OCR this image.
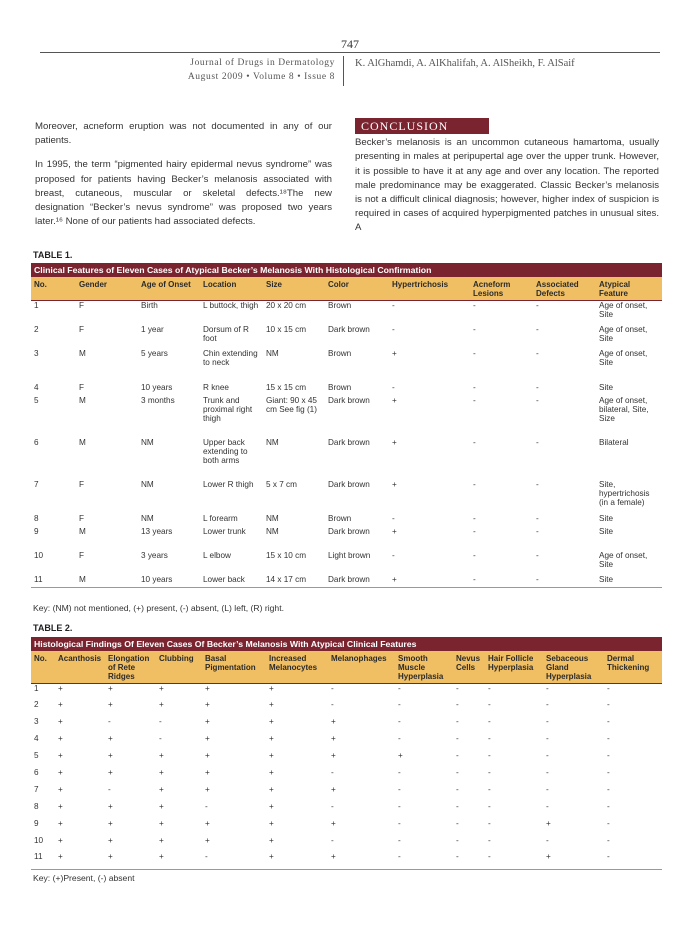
747
Journal of Drugs in Dermatology
August 2009 • Volume 8 • Issue 8
K. AlGhamdi, A. AlKhalifah, A. AlSheikh, F. AlSaif

Moreover, acneform eruption was not documented in any of our patients.

In 1995, the term “pigmented hairy epidermal nevus syndrome” was proposed for patients having Becker’s melanosis associated with breast, cutaneous, muscular or skeletal defects.¹⁸The new designation “Becker’s nevus syndrome” was proposed two years later.¹⁶ None of our patients had associated defects.

CONCLUSION

Becker’s melanosis is an uncommon cutaneous hamartoma, usually presenting in males at peripupertal age over the upper trunk. However, it is possible to have it at any age and over any location. The reported male predominance may be exaggerated. Classic Becker’s melanosis is not a difficult clinical diagnosis; however, higher index of suspicion is required in cases of acquired hyperpigmented patches in unusual sites. A

TABLE 1.
Clinical Features of Eleven Cases of Atypical Becker’s Melanosis With Histological Confirmation
No.	Gender	Age of Onset	Location	Size	Color	Hypertrichosis	Acneform Lesions	Associated Defects	Atypical Feature
1	F	Birth	L buttock, thigh	20 x 20 cm	Brown	-	-	-	Age of onset, Site
2	F	1 year	Dorsum of R foot	10 x 15 cm	Dark brown	-	-	-	Age of onset, Site
3	M	5 years	Chin extending to neck	NM	Brown	+	-	-	Age of onset, Site
4	F	10 years	R knee	15 x 15 cm	Brown	-	-	-	Site
5	M	3 months	Trunk and proximal right thigh	Giant: 90 x 45 cm See fig (1)	Dark brown	+	-	-	Age of onset, bilateral, Site, Size
6	M	NM	Upper back extending to both arms	NM	Dark brown	+	-	-	Bilateral
7	F	NM	Lower R thigh	5 x 7 cm	Dark brown	+	-	-	Site, hypertrichosis (in a female)
8	F	NM	L forearm	NM	Brown	-	-	-	Site
9	M	13 years	Lower trunk	NM	Dark brown	+	-	-	Site
10	F	3 years	L elbow	15 x 10 cm	Light brown	-	-	-	Age of onset, Site
11	M	10 years	Lower back	14 x 17 cm	Dark brown	+	-	-	Site
Key: (NM) not mentioned, (+) present, (-) absent, (L) left, (R) right.
TABLE 2.
Histological Findings Of Eleven Cases Of Becker’s Melanosis With Atypical Clinical Features
No.	Acanthosis	Elongation of Rete Ridges	Clubbing	Basal Pigmentation	Increased Melanocytes	Melanophages	Smooth Muscle Hyperplasia	Nevus Cells	Hair Follicle Hyperplasia	Sebaceous Gland Hyperplasia	Dermal Thickening
1	+	+	+	+	+	-	-	-	-	-	-
2	+	+	+	+	+	-	-	-	-	-	-
3	+	-	-	+	+	+	-	-	-	-	-
4	+	+	-	+	+	+	-	-	-	-	-
5	+	+	+	+	+	+	+	-	-	-	-
6	+	+	+	+	+	-	-	-	-	-	-
7	+	-	+	+	+	+	-	-	-	-	-
8	+	+	+	-	+	-	-	-	-	-	-
9	+	+	+	+	+	+	-	-	-	+	-
10	+	+	+	+	+	-	-	-	-	-	-
11	+	+	+	-	+	+	-	-	-	+	-
Key: (+)Present, (-) absent
